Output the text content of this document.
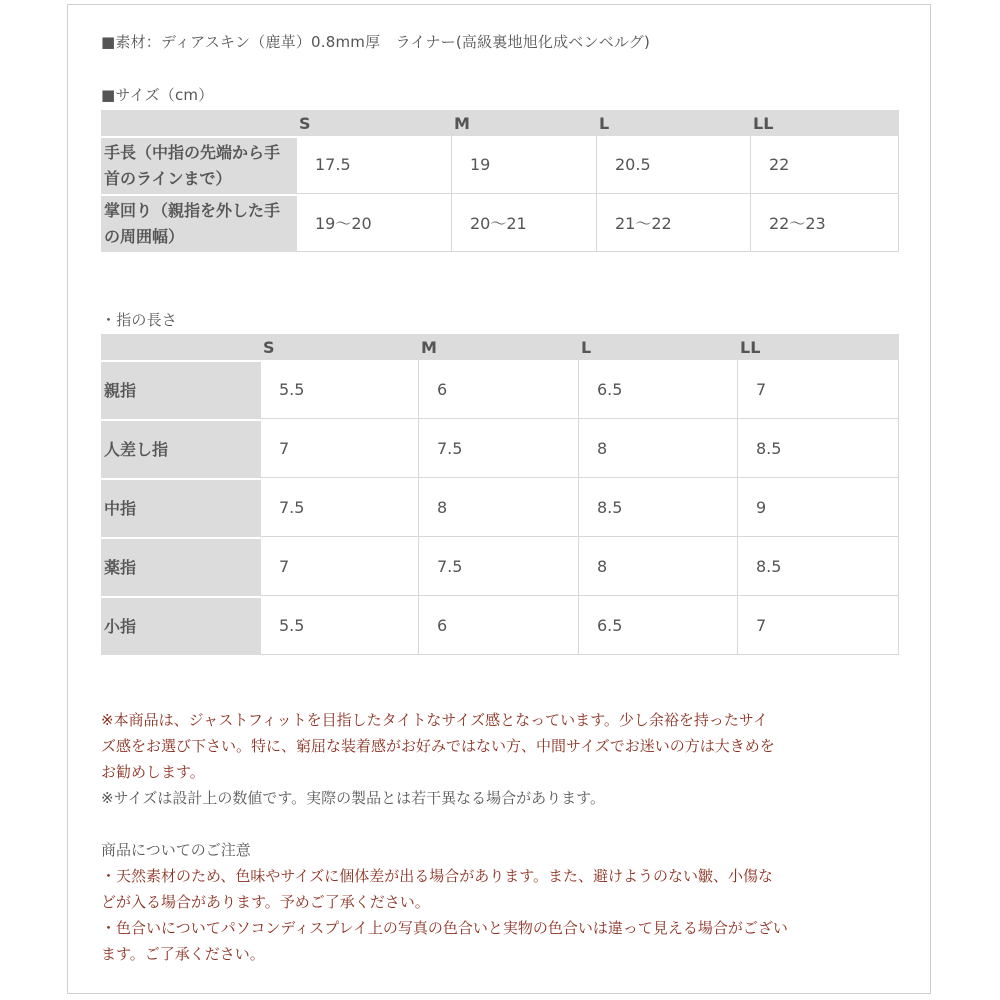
■素材：ディアスキン（鹿革）0.8mm厚　ライナー(高級裏地旭化成ベンベルグ)
■サイズ（cm）
	S	M	L	LL

手長（中指の先端から手
首のラインまで）	17.5	19	20.5	22

掌回り（親指を外した手
の周囲幅）	19～20	20～21	21～22	22～23
・指の長さ
	S	M	L	LL
親指	5.5	6	6.5	7
人差し指	7	7.5	8	8.5
中指	7.5	8	8.5	9
薬指	7	7.5	8	8.5
小指	5.5	6	6.5	7
※本商品は、ジャストフィットを目指したタイトなサイズ感となっています。少し余裕を持ったサイ
ズ感をお選び下さい。特に、窮屈な装着感がお好みではない方、中間サイズでお迷いの方は大きめを
お勧めします。
※サイズは設計上の数値です。実際の製品とは若干異なる場合があります。
商品についてのご注意
・天然素材のため、色味やサイズに個体差が出る場合があります。また、避けようのない皺、小傷な
どが入る場合があります。予めご了承ください。
・色合いについてパソコンディスプレイ上の写真の色合いと実物の色合いは違って見える場合がござい
ます。ご了承ください。
